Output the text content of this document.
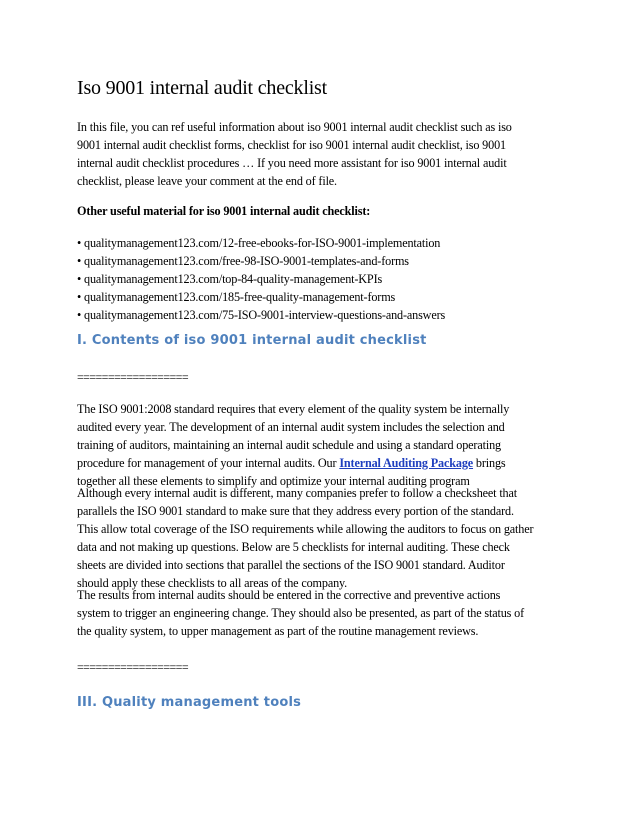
Iso 9001 internal audit checklist
In this file, you can ref useful information about iso 9001 internal audit checklist such as iso
9001 internal audit checklist forms, checklist for iso 9001 internal audit checklist, iso 9001
internal audit checklist procedures … If you need more assistant for iso 9001 internal audit
checklist, please leave your comment at the end of file.
Other useful material for iso 9001 internal audit checklist:
• qualitymanagement123.com/12-free-ebooks-for-ISO-9001-implementation
• qualitymanagement123.com/free-98-ISO-9001-templates-and-forms
• qualitymanagement123.com/top-84-quality-management-KPIs
• qualitymanagement123.com/185-free-quality-management-forms
• qualitymanagement123.com/75-ISO-9001-interview-questions-and-answers
I. Contents of iso 9001 internal audit checklist
==================
The ISO 9001:2008 standard requires that every element of the quality system be internally
audited every year. The development of an internal audit system includes the selection and
training of auditors, maintaining an internal audit schedule and using a standard operating
procedure for management of your internal audits. Our Internal Auditing Package brings
together all these elements to simplify and optimize your internal auditing program
Although every internal audit is different, many companies prefer to follow a checksheet that
parallels the ISO 9001 standard to make sure that they address every portion of the standard.
This allow total coverage of the ISO requirements while allowing the auditors to focus on gather
data and not making up questions. Below are 5 checklists for internal auditing. These check
sheets are divided into sections that parallel the sections of the ISO 9001 standard. Auditor
should apply these checklists to all areas of the company.
The results from internal audits should be entered in the corrective and preventive actions
system to trigger an engineering change. They should also be presented, as part of the status of
the quality system, to upper management as part of the routine management reviews.
==================
III. Quality management tools
